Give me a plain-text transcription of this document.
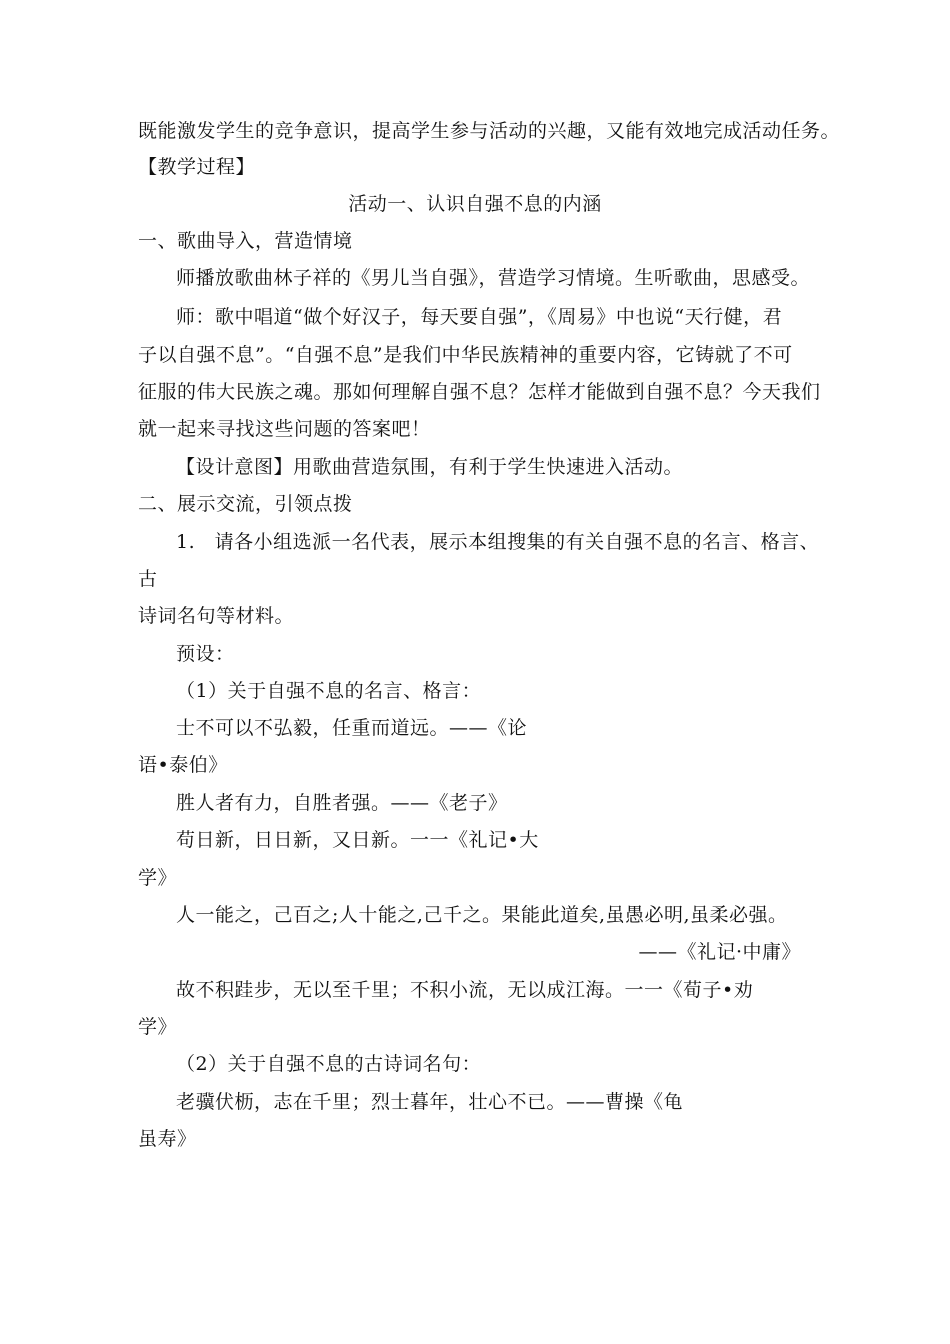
既能激发学生的竞争意识，提高学生参与活动的兴趣，又能有效地完成活动任务。
【教学过程】
活动一、认识自强不息的内涵
一、歌曲导入，营造情境
师播放歌曲林子祥的《男儿当自强》，营造学习情境。生听歌曲，思感受。
师：歌中唱道“做个好汉子，每天要自强”，《周易》中也说“天行健，君
子以自强不息”。“自强不息”是我们中华民族精神的重要内容，它铸就了不可
征服的伟大民族之魂。那如何理解自强不息？怎样才能做到自强不息？今天我们
就一起来寻找这些问题的答案吧！
【设计意图】用歌曲营造氛围，有利于学生快速进入活动。
二、展示交流，引领点拨
1.　请各小组选派一名代表，展示本组搜集的有关自强不息的名言、格言、
古
诗词名句等材料。
预设：
（1）关于自强不息的名言、格言：
士不可以不弘毅，任重而道远。——《论
语•泰伯》
胜人者有力，自胜者强。——《老子》
苟日新，日日新，又日新。一一《礼记•大
学》
人一能之，己百之;人十能之,己千之。果能此道矣,虽愚必明,虽柔必强。
——《礼记·中庸》
故不积跬步，无以至千里；不积小流，无以成江海。一一《荀子•劝
学》
（2）关于自强不息的古诗词名句：
老骥伏枥，志在千里；烈士暮年，壮心不已。——曹操《龟
虽寿》
